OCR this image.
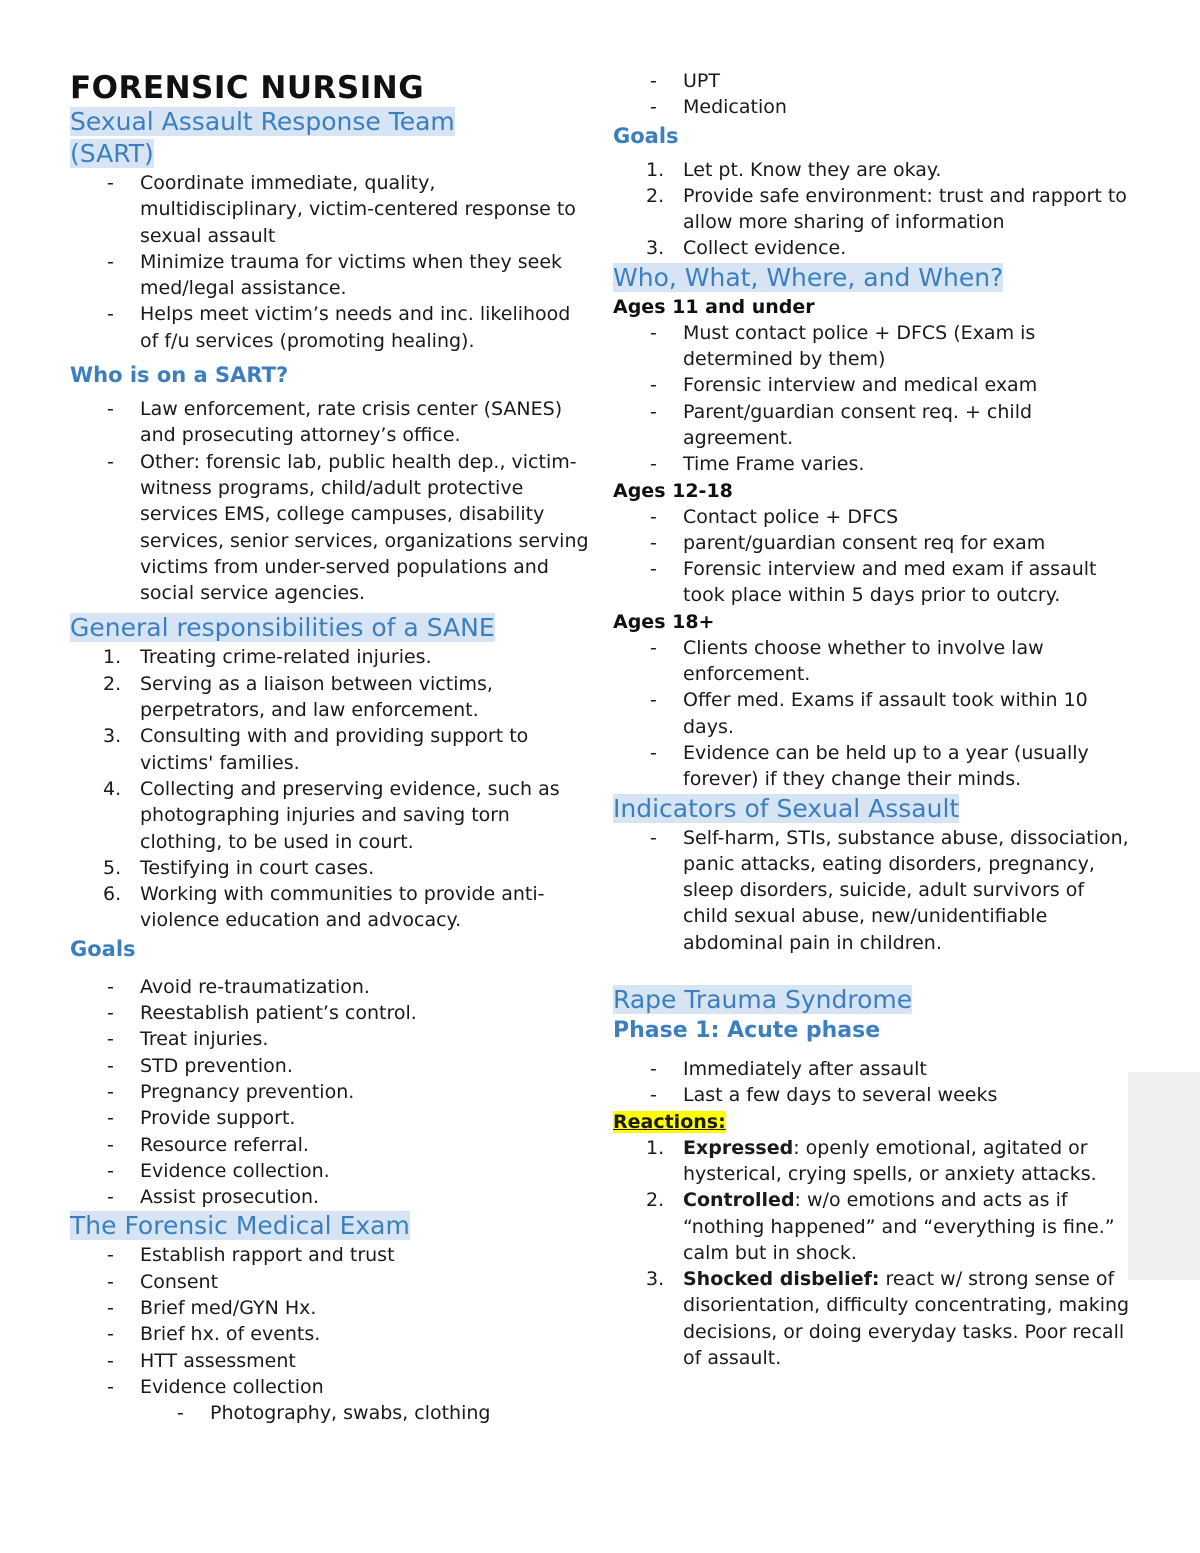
FORENSIC NURSING

Sexual Assault Response Team

(SART)

- Coordinate immediate, quality, multidisciplinary, victim-centered response to sexual assault
- Minimize trauma for victims when they seek med/legal assistance.
- Helps meet victim’s needs and inc. likelihood of f/u services (promoting healing).

Who is on a SART?

- Law enforcement, rate crisis center (SANES) and prosecuting attorney’s office.
- Other: forensic lab, public health dep., victim-witness programs, child/adult protective services EMS, college campuses, disability services, senior services, organizations serving victims from under-served populations and social service agencies.

General responsibilities of a SANE

1. Treating crime-related injuries.
2. Serving as a liaison between victims, perpetrators, and law enforcement.
3. Consulting with and providing support to victims' families.
4. Collecting and preserving evidence, such as photographing injuries and saving torn clothing, to be used in court.
5. Testifying in court cases.
6. Working with communities to provide anti-violence education and advocacy.

Goals

- Avoid re-traumatization.
- Reestablish patient’s control.
- Treat injuries.
- STD prevention.
- Pregnancy prevention.
- Provide support.
- Resource referral.
- Evidence collection.
- Assist prosecution.

The Forensic Medical Exam

- Establish rapport and trust
- Consent
- Brief med/GYN Hx.
- Brief hx. of events.
- HTT assessment
- Evidence collection
- Photography, swabs, clothing
- UPT
- Medication

Goals

1. Let pt. Know they are okay.
2. Provide safe environment: trust and rapport to allow more sharing of information
3. Collect evidence.

Who, What, Where, and When?

Ages 11 and under

- Must contact police + DFCS (Exam is determined by them)
- Forensic interview and medical exam
- Parent/guardian consent req. + child agreement.
- Time Frame varies.

Ages 12-18

- Contact police + DFCS
- parent/guardian consent req for exam
- Forensic interview and med exam if assault took place within 5 days prior to outcry.

Ages 18+

- Clients choose whether to involve law enforcement.
- Offer med. Exams if assault took within 10 days.
- Evidence can be held up to a year (usually forever) if they change their minds.

Indicators of Sexual Assault

- Self-harm, STIs, substance abuse, dissociation, panic attacks, eating disorders, pregnancy, sleep disorders, suicide, adult survivors of child sexual abuse, new/unidentifiable abdominal pain in children.

Rape Trauma Syndrome

Phase 1: Acute phase

- Immediately after assault
- Last a few days to several weeks

Reactions:

1. Expressed: openly emotional, agitated or hysterical, crying spells, or anxiety attacks.
2. Controlled: w/o emotions and acts as if “nothing happened” and “everything is fine.” calm but in shock.
3. Shocked disbelief: react w/ strong sense of disorientation, difficulty concentrating, making decisions, or doing everyday tasks. Poor recall of assault.
